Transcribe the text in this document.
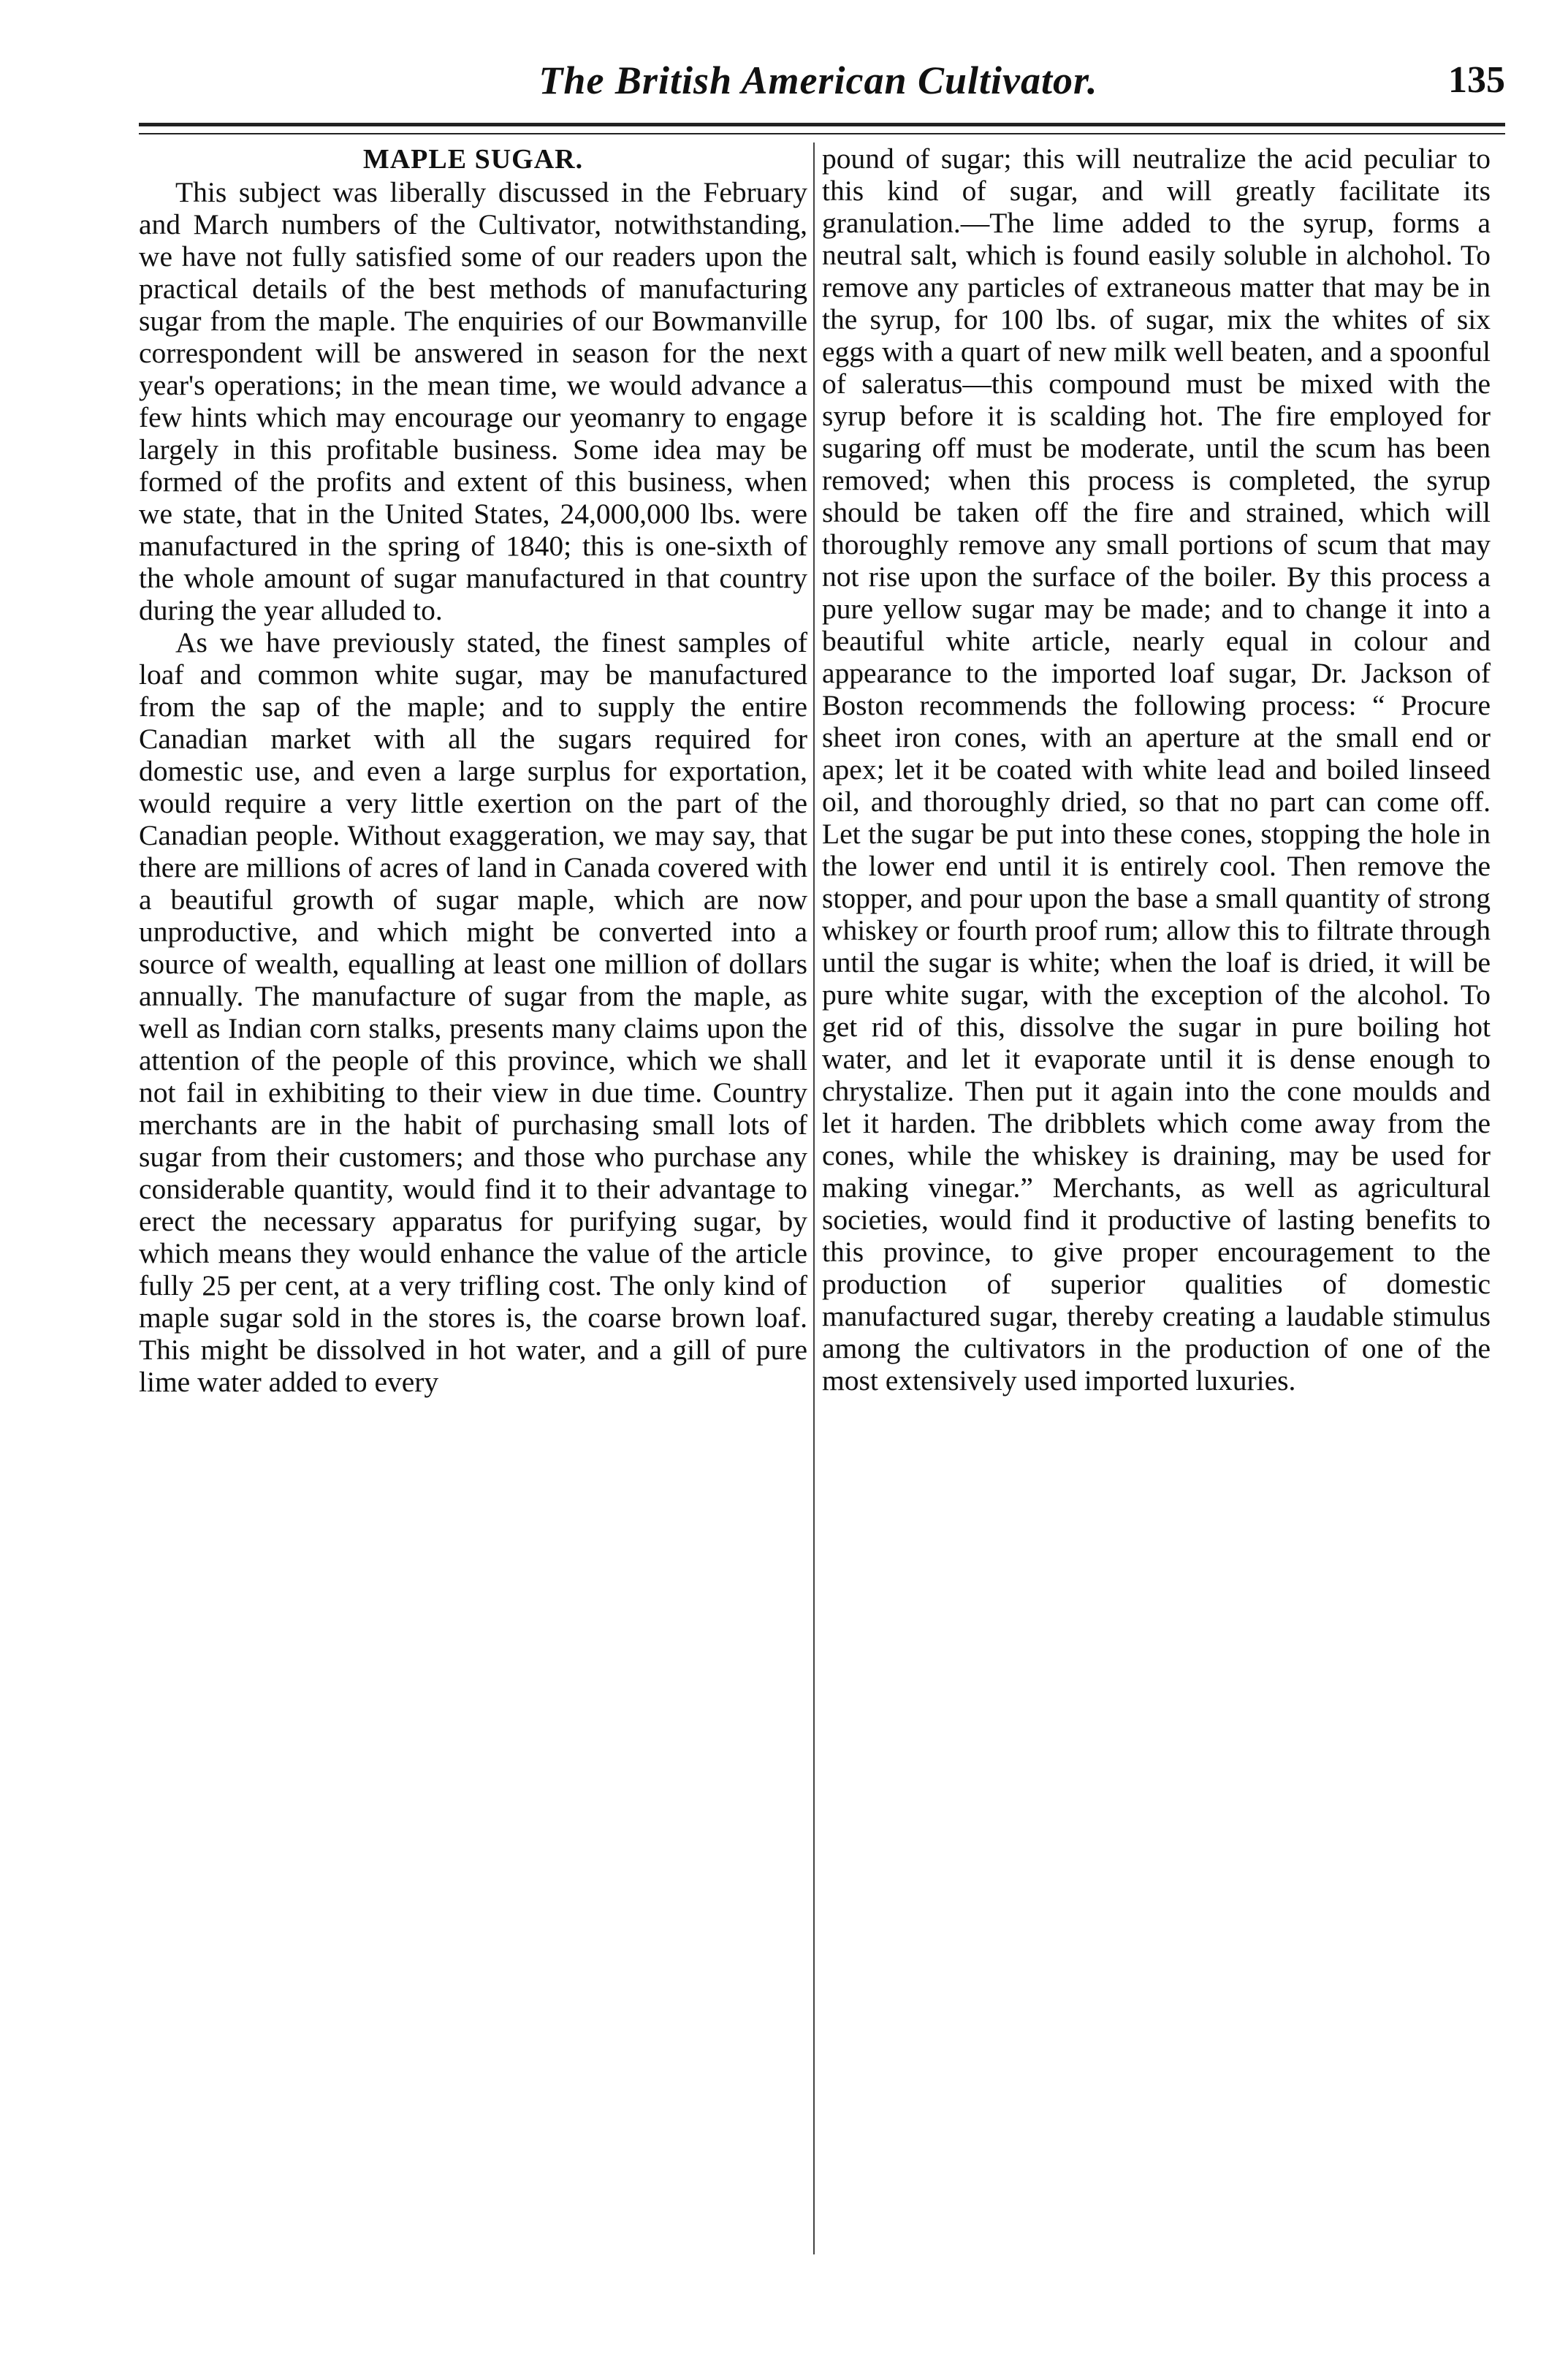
The British American Cultivator.	135
MAPLE SUGAR.

This subject was liberally discussed in the February and March numbers of the Cultivator, notwithstanding, we have not fully satisfied some of our readers upon the practical details of the best methods of manufacturing sugar from the maple. The enquiries of our Bowmanville correspondent will be answered in season for the next year's operations; in the mean time, we would advance a few hints which may encourage our yeomanry to engage largely in this profitable business. Some idea may be formed of the profits and extent of this business, when we state, that in the United States, 24,000,000 lbs. were manufactured in the spring of 1840; this is one-sixth of the whole amount of sugar manufactured in that country during the year alluded to.

As we have previously stated, the finest samples of loaf and common white sugar, may be manufactured from the sap of the maple; and to supply the entire Canadian market with all the sugars required for domestic use, and even a large surplus for exportation, would require a very little exertion on the part of the Canadian people. Without exaggeration, we may say, that there are millions of acres of land in Canada covered with a beautiful growth of sugar maple, which are now unproductive, and which might be converted into a source of wealth, equalling at least one million of dollars annually. The manufacture of sugar from the maple, as well as Indian corn stalks, presents many claims upon the attention of the people of this province, which we shall not fail in exhibiting to their view in due time. Country merchants are in the habit of purchasing small lots of sugar from their customers; and those who purchase any considerable quantity, would find it to their advantage to erect the necessary apparatus for purifying sugar, by which means they would enhance the value of the article fully 25 per cent, at a very trifling cost. The only kind of maple sugar sold in the stores is, the coarse brown loaf. This might be dissolved in hot water, and a gill of pure lime water added to every

pound of sugar; this will neutralize the acid peculiar to this kind of sugar, and will greatly facilitate its granulation.—The lime added to the syrup, forms a neutral salt, which is found easily soluble in alchohol. To remove any particles of extraneous matter that may be in the syrup, for 100 lbs. of sugar, mix the whites of six eggs with a quart of new milk well beaten, and a spoonful of saleratus—this compound must be mixed with the syrup before it is scalding hot. The fire employed for sugaring off must be moderate, until the scum has been removed; when this process is completed, the syrup should be taken off the fire and strained, which will thoroughly remove any small portions of scum that may not rise upon the surface of the boiler. By this process a pure yellow sugar may be made; and to change it into a beautiful white article, nearly equal in colour and appearance to the imported loaf sugar, Dr. Jackson of Boston recommends the following process: “ Procure sheet iron cones, with an aperture at the small end or apex; let it be coated with white lead and boiled linseed oil, and thoroughly dried, so that no part can come off. Let the sugar be put into these cones, stopping the hole in the lower end until it is entirely cool. Then remove the stopper, and pour upon the base a small quantity of strong whiskey or fourth proof rum; allow this to filtrate through until the sugar is white; when the loaf is dried, it will be pure white sugar, with the exception of the alcohol. To get rid of this, dissolve the sugar in pure boiling hot water, and let it evaporate until it is dense enough to chrystalize. Then put it again into the cone moulds and let it harden. The dribblets which come away from the cones, while the whiskey is draining, may be used for making vinegar.” Merchants, as well as agricultural societies, would find it productive of lasting benefits to this province, to give proper encouragement to the production of superior qualities of domestic manufactured sugar, thereby creating a laudable stimulus among the cultivators in the production of one of the most extensively used imported luxuries.
